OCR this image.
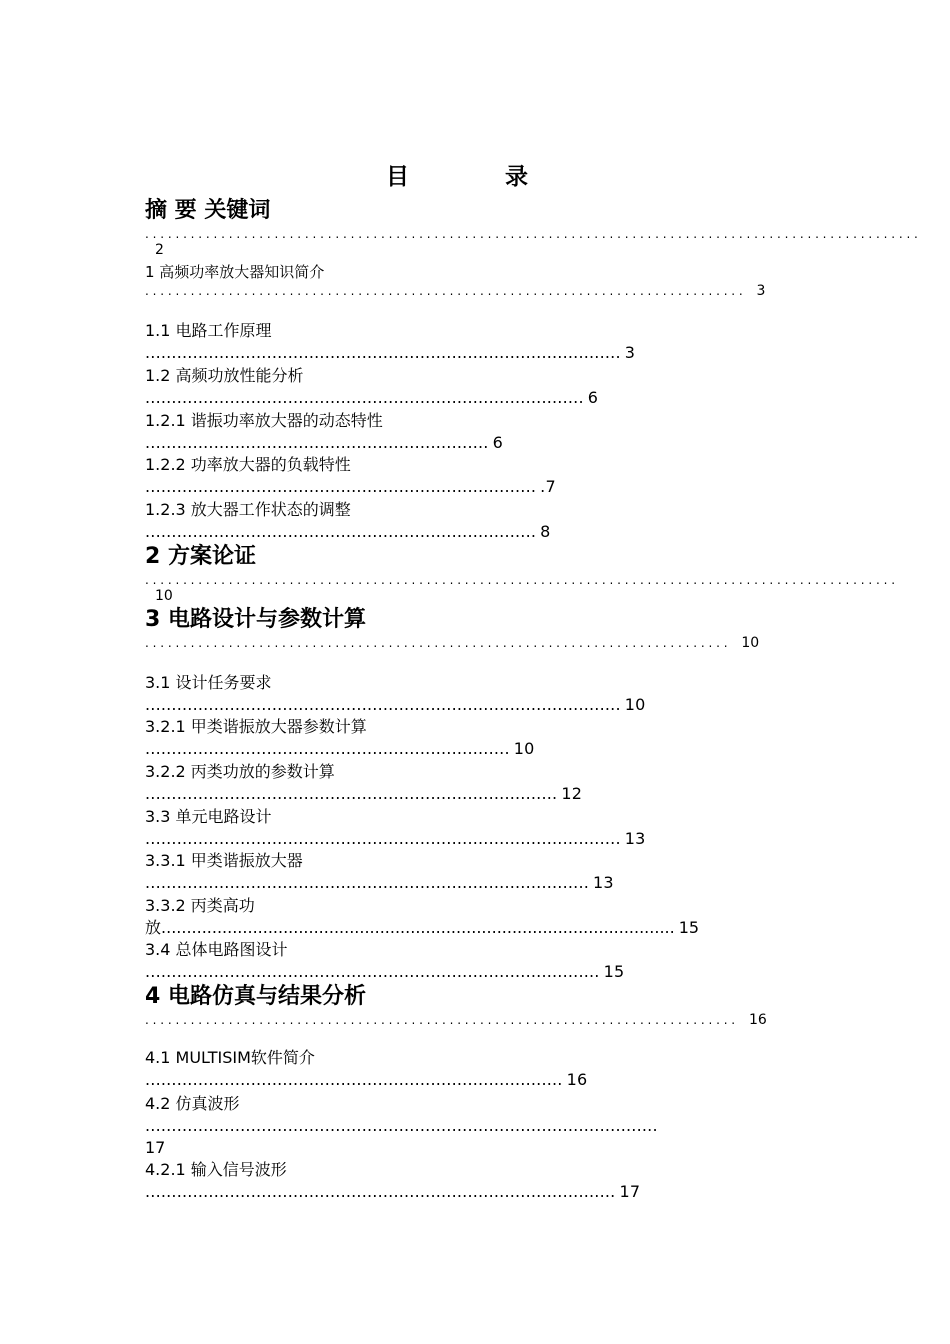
目	录
摘 要 关键词
......................................................................................................2
1 高频功率放大器知识简介
............................................................................... 3
1.1 电路工作原理
.......................................................................................... 3
1.2 高频功放性能分析
................................................................................... 6
1.2.1 谐振功率放大器的动态特性
................................................................. 6
1.2.2 功率放大器的负载特性
.......................................................................... .7
1.2.3 放大器工作状态的调整
.......................................................................... 8
2 方案论证
...................................................................................................10
3 电路设计与参数计算
............................................................................. 10
3.1 设计任务要求
.......................................................................................... 10
3.2.1 甲类谐振放大器参数计算
..................................................................... 10
3.2.2 丙类功放的参数计算
.............................................................................. 12
3.3 单元电路设计
.......................................................................................... 13
3.3.1 甲类谐振放大器
.................................................................................... 13
3.3.2 丙类高功
放..................................................................................................... 15
3.4 总体电路图设计
...................................................................................... 15
4 电路仿真与结果分析
.............................................................................. 16
4.1 MULTISIM软件简介
............................................................................... 16
4.2 仿真波形
.................................................................................................
17
4.2.1 输入信号波形
......................................................................................... 17
